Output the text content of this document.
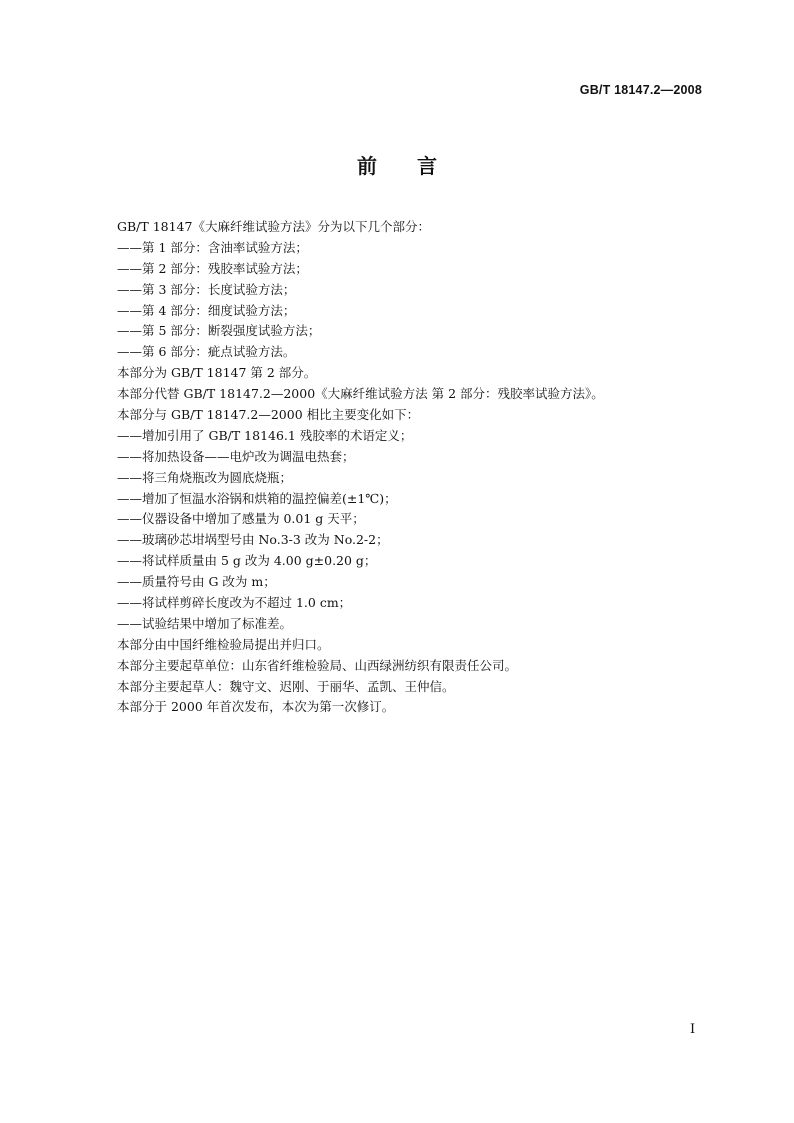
GB/T 18147.2—2008
前 言
GB/T 18147《大麻纤维试验方法》分为以下几个部分：
——第 1 部分：含油率试验方法；
——第 2 部分：残胶率试验方法；
——第 3 部分：长度试验方法；
——第 4 部分：细度试验方法；
——第 5 部分：断裂强度试验方法；
——第 6 部分：疵点试验方法。
本部分为 GB/T 18147 第 2 部分。
本部分代替 GB/T 18147.2—2000《大麻纤维试验方法 第 2 部分：残胶率试验方法》。
本部分与 GB/T 18147.2—2000 相比主要变化如下：
——增加引用了 GB/T 18146.1 残胶率的术语定义；
——将加热设备——电炉改为调温电热套；
——将三角烧瓶改为圆底烧瓶；
——增加了恒温水浴锅和烘箱的温控偏差(±1℃)；
——仪器设备中增加了感量为 0.01 g 天平；
——玻璃砂芯坩埚型号由 No.3-3 改为 No.2-2；
——将试样质量由 5 g 改为 4.00 g±0.20 g；
——质量符号由 G 改为 m；
——将试样剪碎长度改为不超过 1.0 cm；
——试验结果中增加了标准差。
本部分由中国纤维检验局提出并归口。
本部分主要起草单位：山东省纤维检验局、山西绿洲纺织有限责任公司。
本部分主要起草人：魏守文、迟刚、于丽华、孟凯、王仲信。
本部分于 2000 年首次发布，本次为第一次修订。
I
